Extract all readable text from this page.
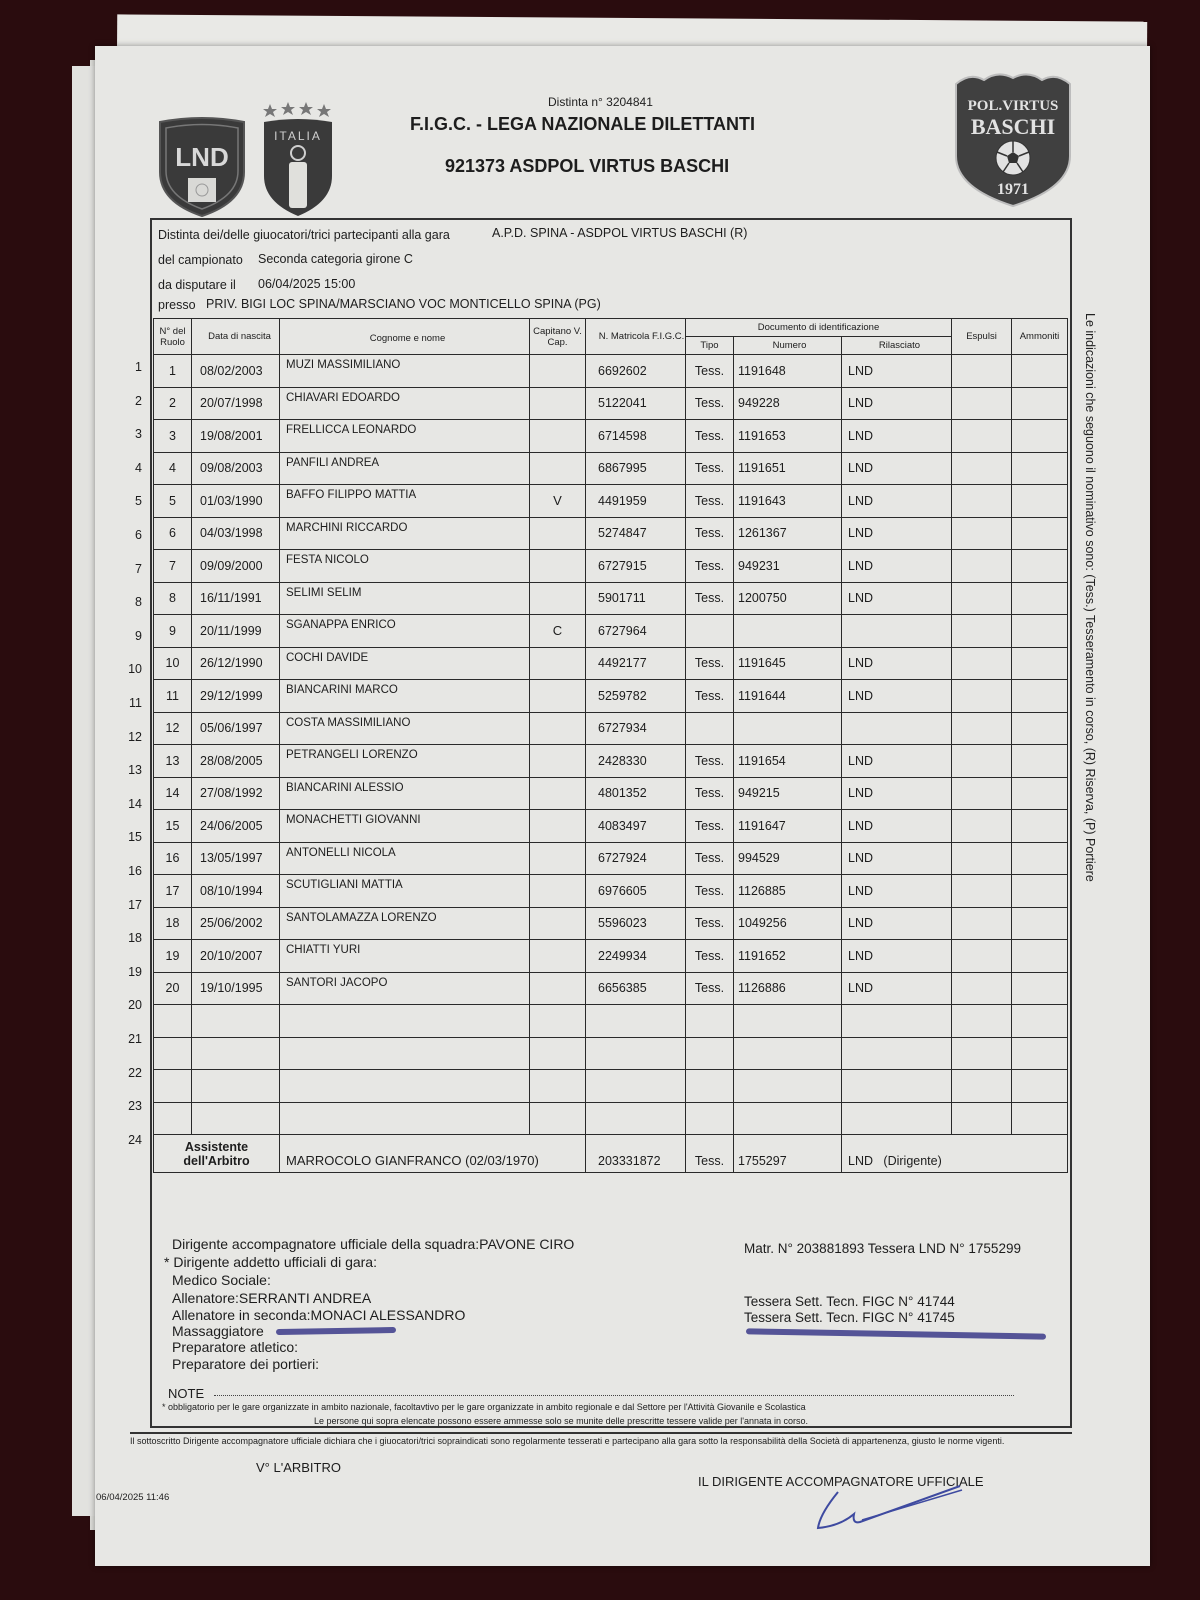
LND
ITALIA
POL.VIRTUS
BASCHI
1971
Distinta n° 3204841
F.I.G.C. - LEGA NAZIONALE DILETTANTI
921373 ASDPOL VIRTUS BASCHI
Distinta dei/delle giuocatori/trici partecipanti alla gara	A.P.D. SPINA - ASDPOL VIRTUS BASCHI (R)
del campionato Seconda categoria girone C
da disputare il 06/04/2025 15:00
presso PRIV. BIGI LOC SPINA/MARSCIANO VOC MONTICELLO SPINA (PG)
N° del Ruolo	Data di nascita	Cognome e nome	Capitano V. Cap.	N. Matricola F.I.G.C.	Documento di identificazione			Espulsi	Ammoniti
					Tipo	Numero	Rilasciato		
1	08/02/2003	MUZI MASSIMILIANO		6692602	Tess.	1191648	LND		
2	20/07/1998	CHIAVARI EDOARDO		5122041	Tess.	949228	LND		
3	19/08/2001	FRELLICCA LEONARDO		6714598	Tess.	1191653	LND		
4	09/08/2003	PANFILI ANDREA		6867995	Tess.	1191651	LND		
5	01/03/1990	BAFFO FILIPPO MATTIA	V	4491959	Tess.	1191643	LND		
6	04/03/1998	MARCHINI RICCARDO		5274847	Tess.	1261367	LND		
7	09/09/2000	FESTA NICOLO		6727915	Tess.	949231	LND		
8	16/11/1991	SELIMI SELIM		5901711	Tess.	1200750	LND		
9	20/11/1999	SGANAPPA ENRICO	C	6727964					
10	26/12/1990	COCHI DAVIDE		4492177	Tess.	1191645	LND		
11	29/12/1999	BIANCARINI MARCO		5259782	Tess.	1191644	LND		
12	05/06/1997	COSTA MASSIMILIANO		6727934					
13	28/08/2005	PETRANGELI LORENZO		2428330	Tess.	1191654	LND		
14	27/08/1992	BIANCARINI ALESSIO		4801352	Tess.	949215	LND		
15	24/06/2005	MONACHETTI GIOVANNI		4083497	Tess.	1191647	LND		
16	13/05/1997	ANTONELLI NICOLA		6727924	Tess.	994529	LND		
17	08/10/1994	SCUTIGLIANI MATTIA		6976605	Tess.	1126885	LND		
18	25/06/2002	SANTOLAMAZZA LORENZO		5596023	Tess.	1049256	LND		
19	20/10/2007	CHIATTI YURI		2249934	Tess.	1191652	LND		
20	19/10/1995	SANTORI JACOPO		6656385	Tess.	1126886	LND		

Assistente
dell'Arbitro		MARROCOLO GIANFRANCO (02/03/1970)		203331872	Tess.	1755297	LND   (Dirigente)		
1
2
3
4
5
6
7
8
9
10
11
12
13
14
15
16
17
18
19
20
21
22
23
24
Dirigente accompagnatore ufficiale della squadra:PAVONE CIRO	Matr. N° 203881893 Tessera LND N° 1755299
* Dirigente addetto ufficiali di gara:
Medico Sociale:
Allenatore:SERRANTI ANDREA	Tessera Sett. Tecn. FIGC N° 41744
Allenatore in seconda:MONACI ALESSANDRO	Tessera Sett. Tecn. FIGC N° 41745
Massaggiatore
Preparatore atletico:
Preparatore dei portieri:
NOTE
* obbligatorio per le gare organizzate in ambito nazionale, facoltavtivo per le gare organizzate in ambito regionale e dal Settore per l'Attività Giovanile e Scolastica
Le persone qui sopra elencate possono essere ammesse solo se munite delle prescritte tessere valide per l'annata in corso.
Il sottoscritto Dirigente accompagnatore ufficiale dichiara che i giuocatori/trici sopraindicati sono regolarmente tesserati e partecipano alla gara sotto la responsabilità della Società di appartenenza, giusto le norme vigenti.
V° L'ARBITRO
IL DIRIGENTE ACCOMPAGNATORE UFFICIALE
06/04/2025 11:46
Le indicazioni che seguono il nominativo sono: (Tess.) Tesseramento in corso, (R) Riserva, (P) Portiere
